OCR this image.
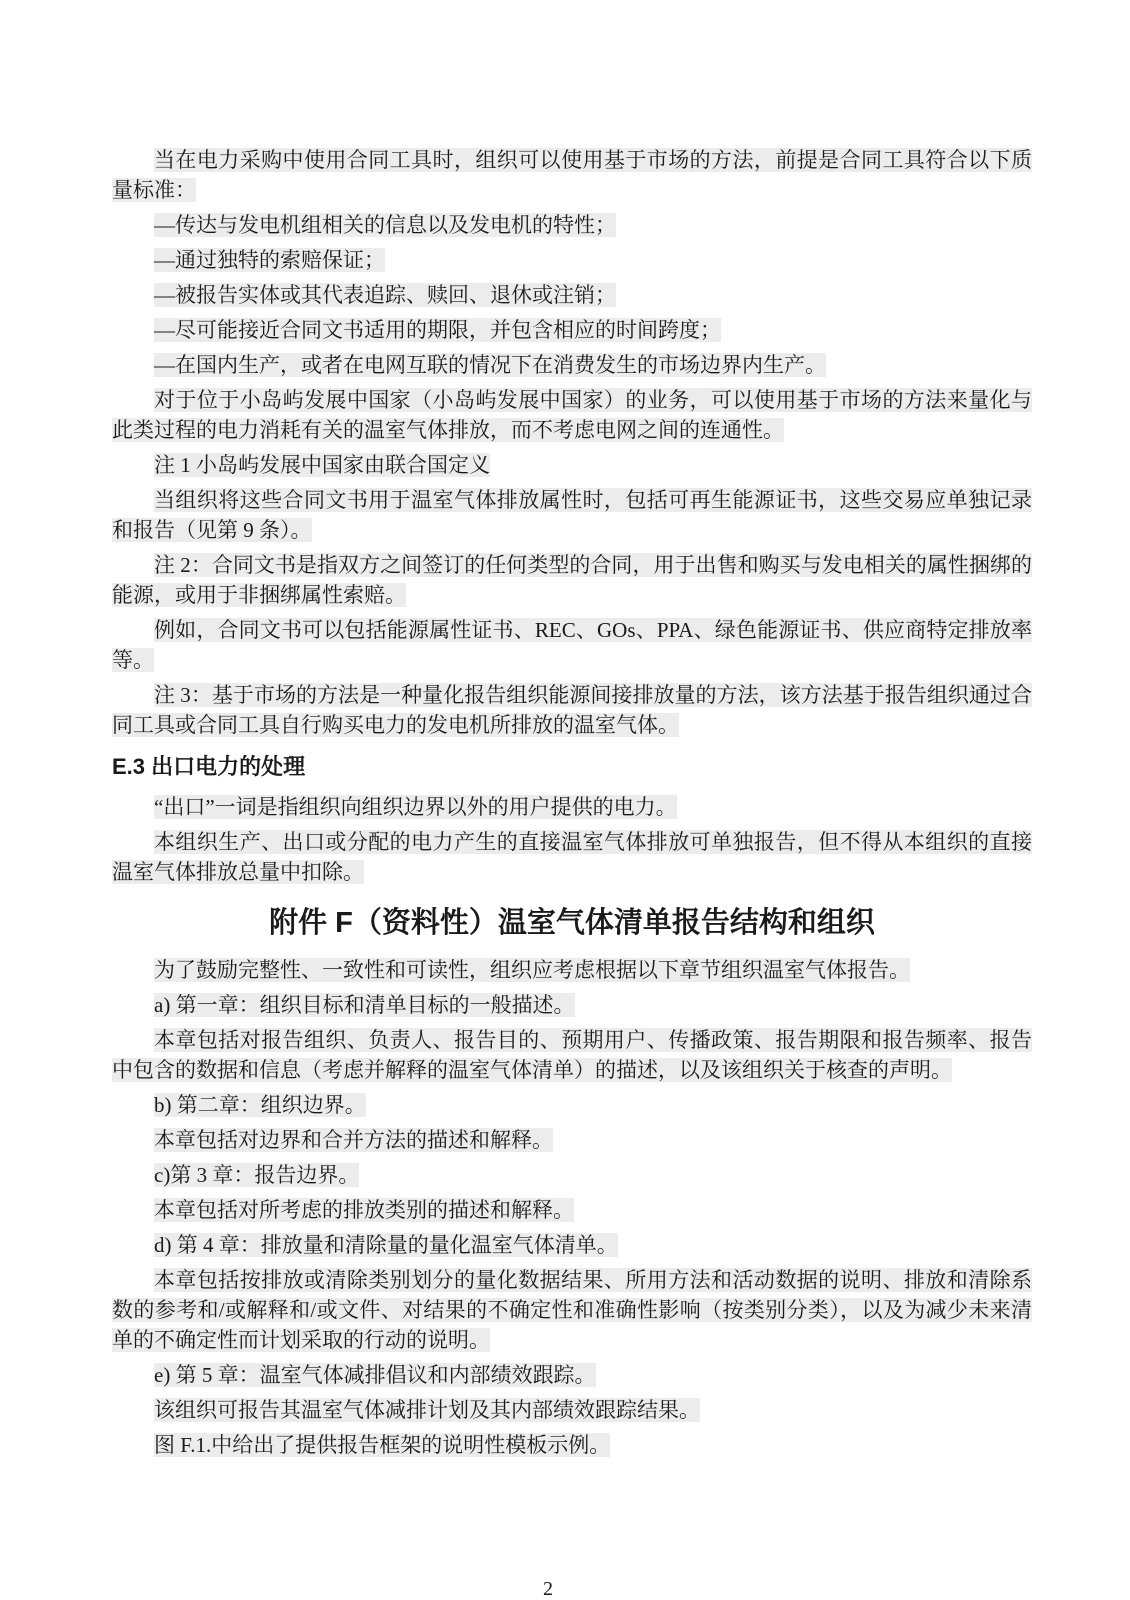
当在电力采购中使用合同工具时，组织可以使用基于市场的方法，前提是合同工具符合以下质量标准：

—传达与发电机组相关的信息以及发电机的特性；

—通过独特的索赔保证；

—被报告实体或其代表追踪、赎回、退休或注销；

—尽可能接近合同文书适用的期限，并包含相应的时间跨度；

—在国内生产，或者在电网互联的情况下在消费发生的市场边界内生产。

对于位于小岛屿发展中国家（小岛屿发展中国家）的业务，可以使用基于市场的方法来量化与此类过程的电力消耗有关的温室气体排放，而不考虑电网之间的连通性。

注 1 小岛屿发展中国家由联合国定义

当组织将这些合同文书用于温室气体排放属性时，包括可再生能源证书，这些交易应单独记录和报告（见第 9 条）。

注 2：合同文书是指双方之间签订的任何类型的合同，用于出售和购买与发电相关的属性捆绑的能源，或用于非捆绑属性索赔。

例如，合同文书可以包括能源属性证书、REC、GOs、PPA、绿色能源证书、供应商特定排放率等。

注 3：基于市场的方法是一种量化报告组织能源间接排放量的方法，该方法基于报告组织通过合同工具或合同工具自行购买电力的发电机所排放的温室气体。

E.3 出口电力的处理

“出口”一词是指组织向组织边界以外的用户提供的电力。

本组织生产、出口或分配的电力产生的直接温室气体排放可单独报告，但不得从本组织的直接温室气体排放总量中扣除。

附件 F（资料性）温室气体清单报告结构和组织

为了鼓励完整性、一致性和可读性，组织应考虑根据以下章节组织温室气体报告。

a) 第一章：组织目标和清单目标的一般描述。

本章包括对报告组织、负责人、报告目的、预期用户、传播政策、报告期限和报告频率、报告中包含的数据和信息（考虑并解释的温室气体清单）的描述，以及该组织关于核查的声明。

b) 第二章：组织边界。

本章包括对边界和合并方法的描述和解释。

c)第 3 章：报告边界。

本章包括对所考虑的排放类别的描述和解释。

d) 第 4 章：排放量和清除量的量化温室气体清单。

本章包括按排放或清除类别划分的量化数据结果、所用方法和活动数据的说明、排放和清除系数的参考和/或解释和/或文件、对结果的不确定性和准确性影响（按类别分类），以及为减少未来清单的不确定性而计划采取的行动的说明。

e) 第 5 章：温室气体减排倡议和内部绩效跟踪。

该组织可报告其温室气体减排计划及其内部绩效跟踪结果。

图 F.1.中给出了提供报告框架的说明性模板示例。

2
